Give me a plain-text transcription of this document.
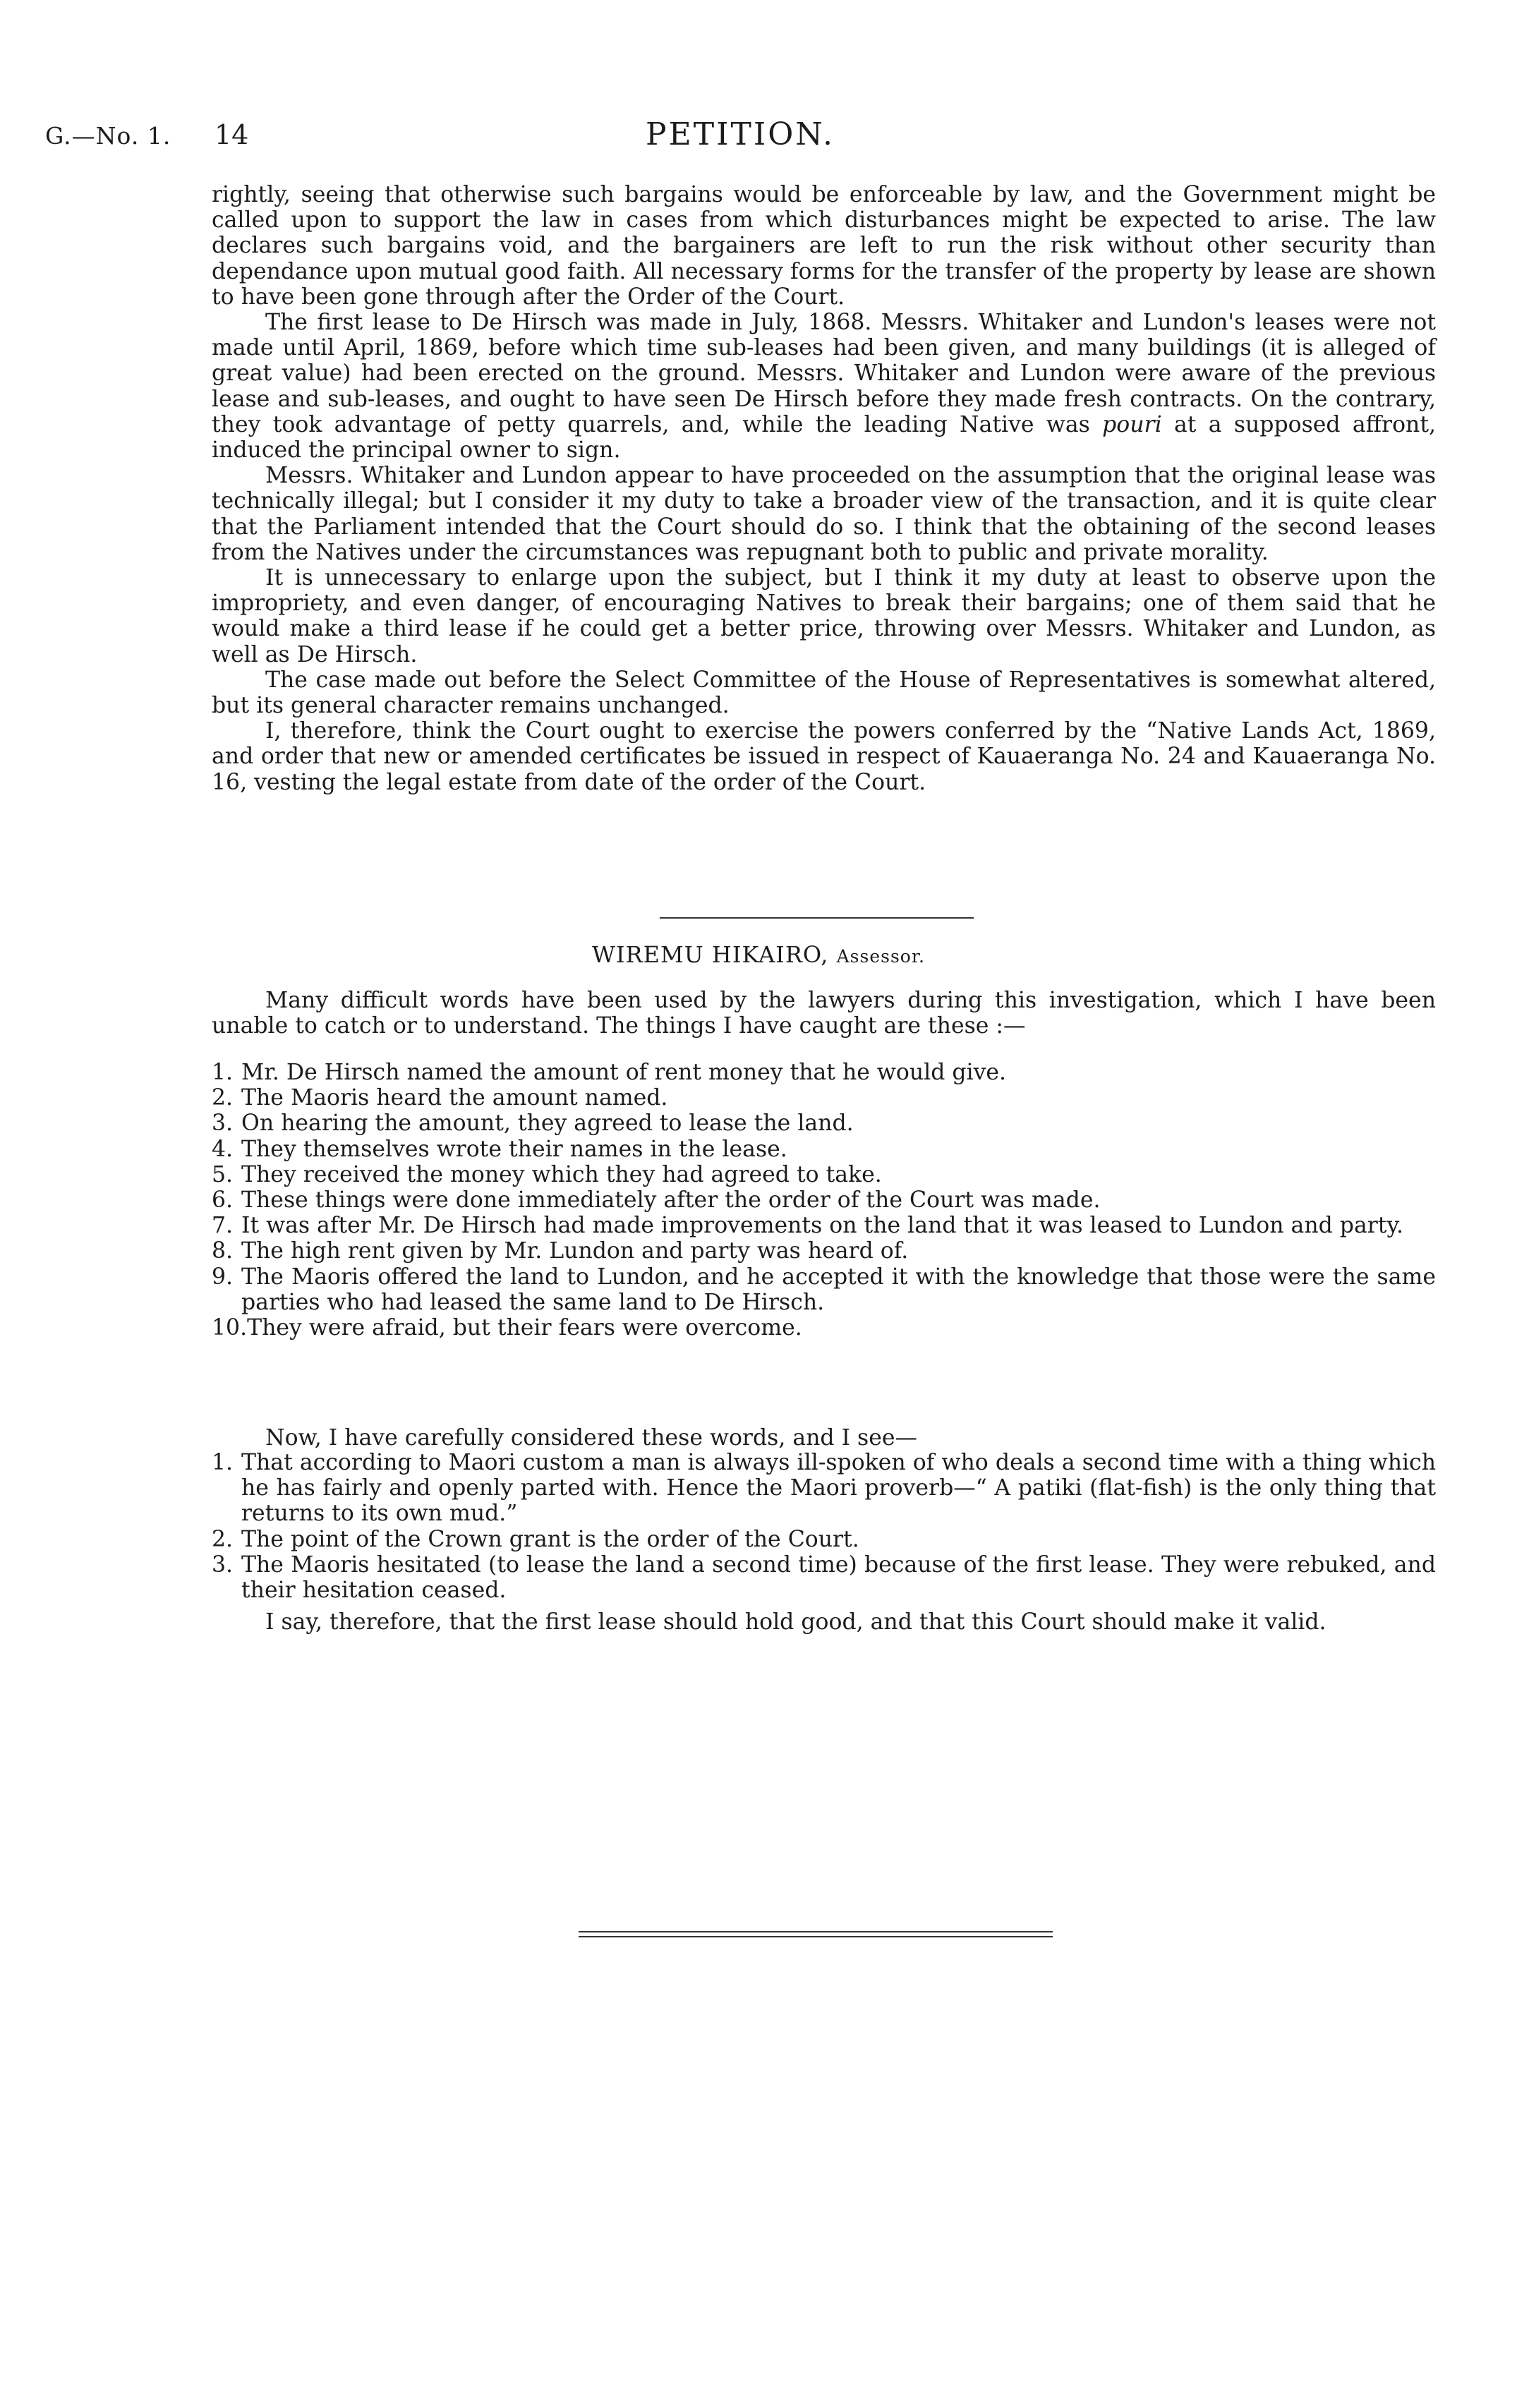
G.—No. 1. 14	PETITION.

rightly, seeing that otherwise such bargains would be enforceable by law, and the Government might be called upon to support the law in cases from which disturbances might be expected to arise. The law declares such bargains void, and the bargainers are left to run the risk without other security than dependance upon mutual good faith. All necessary forms for the transfer of the property by lease are shown to have been gone through after the Order of the Court.

The first lease to De Hirsch was made in July, 1868. Messrs. Whitaker and Lundon's leases were not made until April, 1869, before which time sub-leases had been given, and many buildings (it is alleged of great value) had been erected on the ground. Messrs. Whitaker and Lundon were aware of the previous lease and sub-leases, and ought to have seen De Hirsch before they made fresh contracts. On the contrary, they took advantage of petty quarrels, and, while the leading Native was pouri at a supposed affront, induced the principal owner to sign.

Messrs. Whitaker and Lundon appear to have proceeded on the assumption that the original lease was technically illegal; but I consider it my duty to take a broader view of the transaction, and it is quite clear that the Parliament intended that the Court should do so. I think that the obtaining of the second leases from the Natives under the circumstances was repugnant both to public and private morality.

It is unnecessary to enlarge upon the subject, but I think it my duty at least to observe upon the impropriety, and even danger, of encouraging Natives to break their bargains; one of them said that he would make a third lease if he could get a better price, throwing over Messrs. Whitaker and Lundon, as well as De Hirsch.

The case made out before the Select Committee of the House of Representatives is somewhat altered, but its general character remains unchanged.

I, therefore, think the Court ought to exercise the powers conferred by the “Native Lands Act, 1869, and order that new or amended certificates be issued in respect of Kauaeranga No. 24 and Kauaeranga No. 16, vesting the legal estate from date of the order of the Court.

WIREMU HIKAIRO, Assessor.

Many difficult words have been used by the lawyers during this investigation, which I have been unable to catch or to understand. The things I have caught are these :—

1. Mr. De Hirsch named the amount of rent money that he would give.
2. The Maoris heard the amount named.
3. On hearing the amount, they agreed to lease the land.
4. They themselves wrote their names in the lease.
5. They received the money which they had agreed to take.
6. These things were done immediately after the order of the Court was made.
7. It was after Mr. De Hirsch had made improvements on the land that it was leased to Lundon and party.
8. The high rent given by Mr. Lundon and party was heard of.
9. The Maoris offered the land to Lundon, and he accepted it with the knowledge that those were the same parties who had leased the same land to De Hirsch.
10. They were afraid, but their fears were overcome.
Now, I have carefully considered these words, and I see—
1. That according to Maori custom a man is always ill-spoken of who deals a second time with a thing which he has fairly and openly parted with. Hence the Maori proverb—“ A patiki (flat-fish) is the only thing that returns to its own mud.”
2. The point of the Crown grant is the order of the Court.
3. The Maoris hesitated (to lease the land a second time) because of the first lease. They were rebuked, and their hesitation ceased.
I say, therefore, that the first lease should hold good, and that this Court should make it valid.
